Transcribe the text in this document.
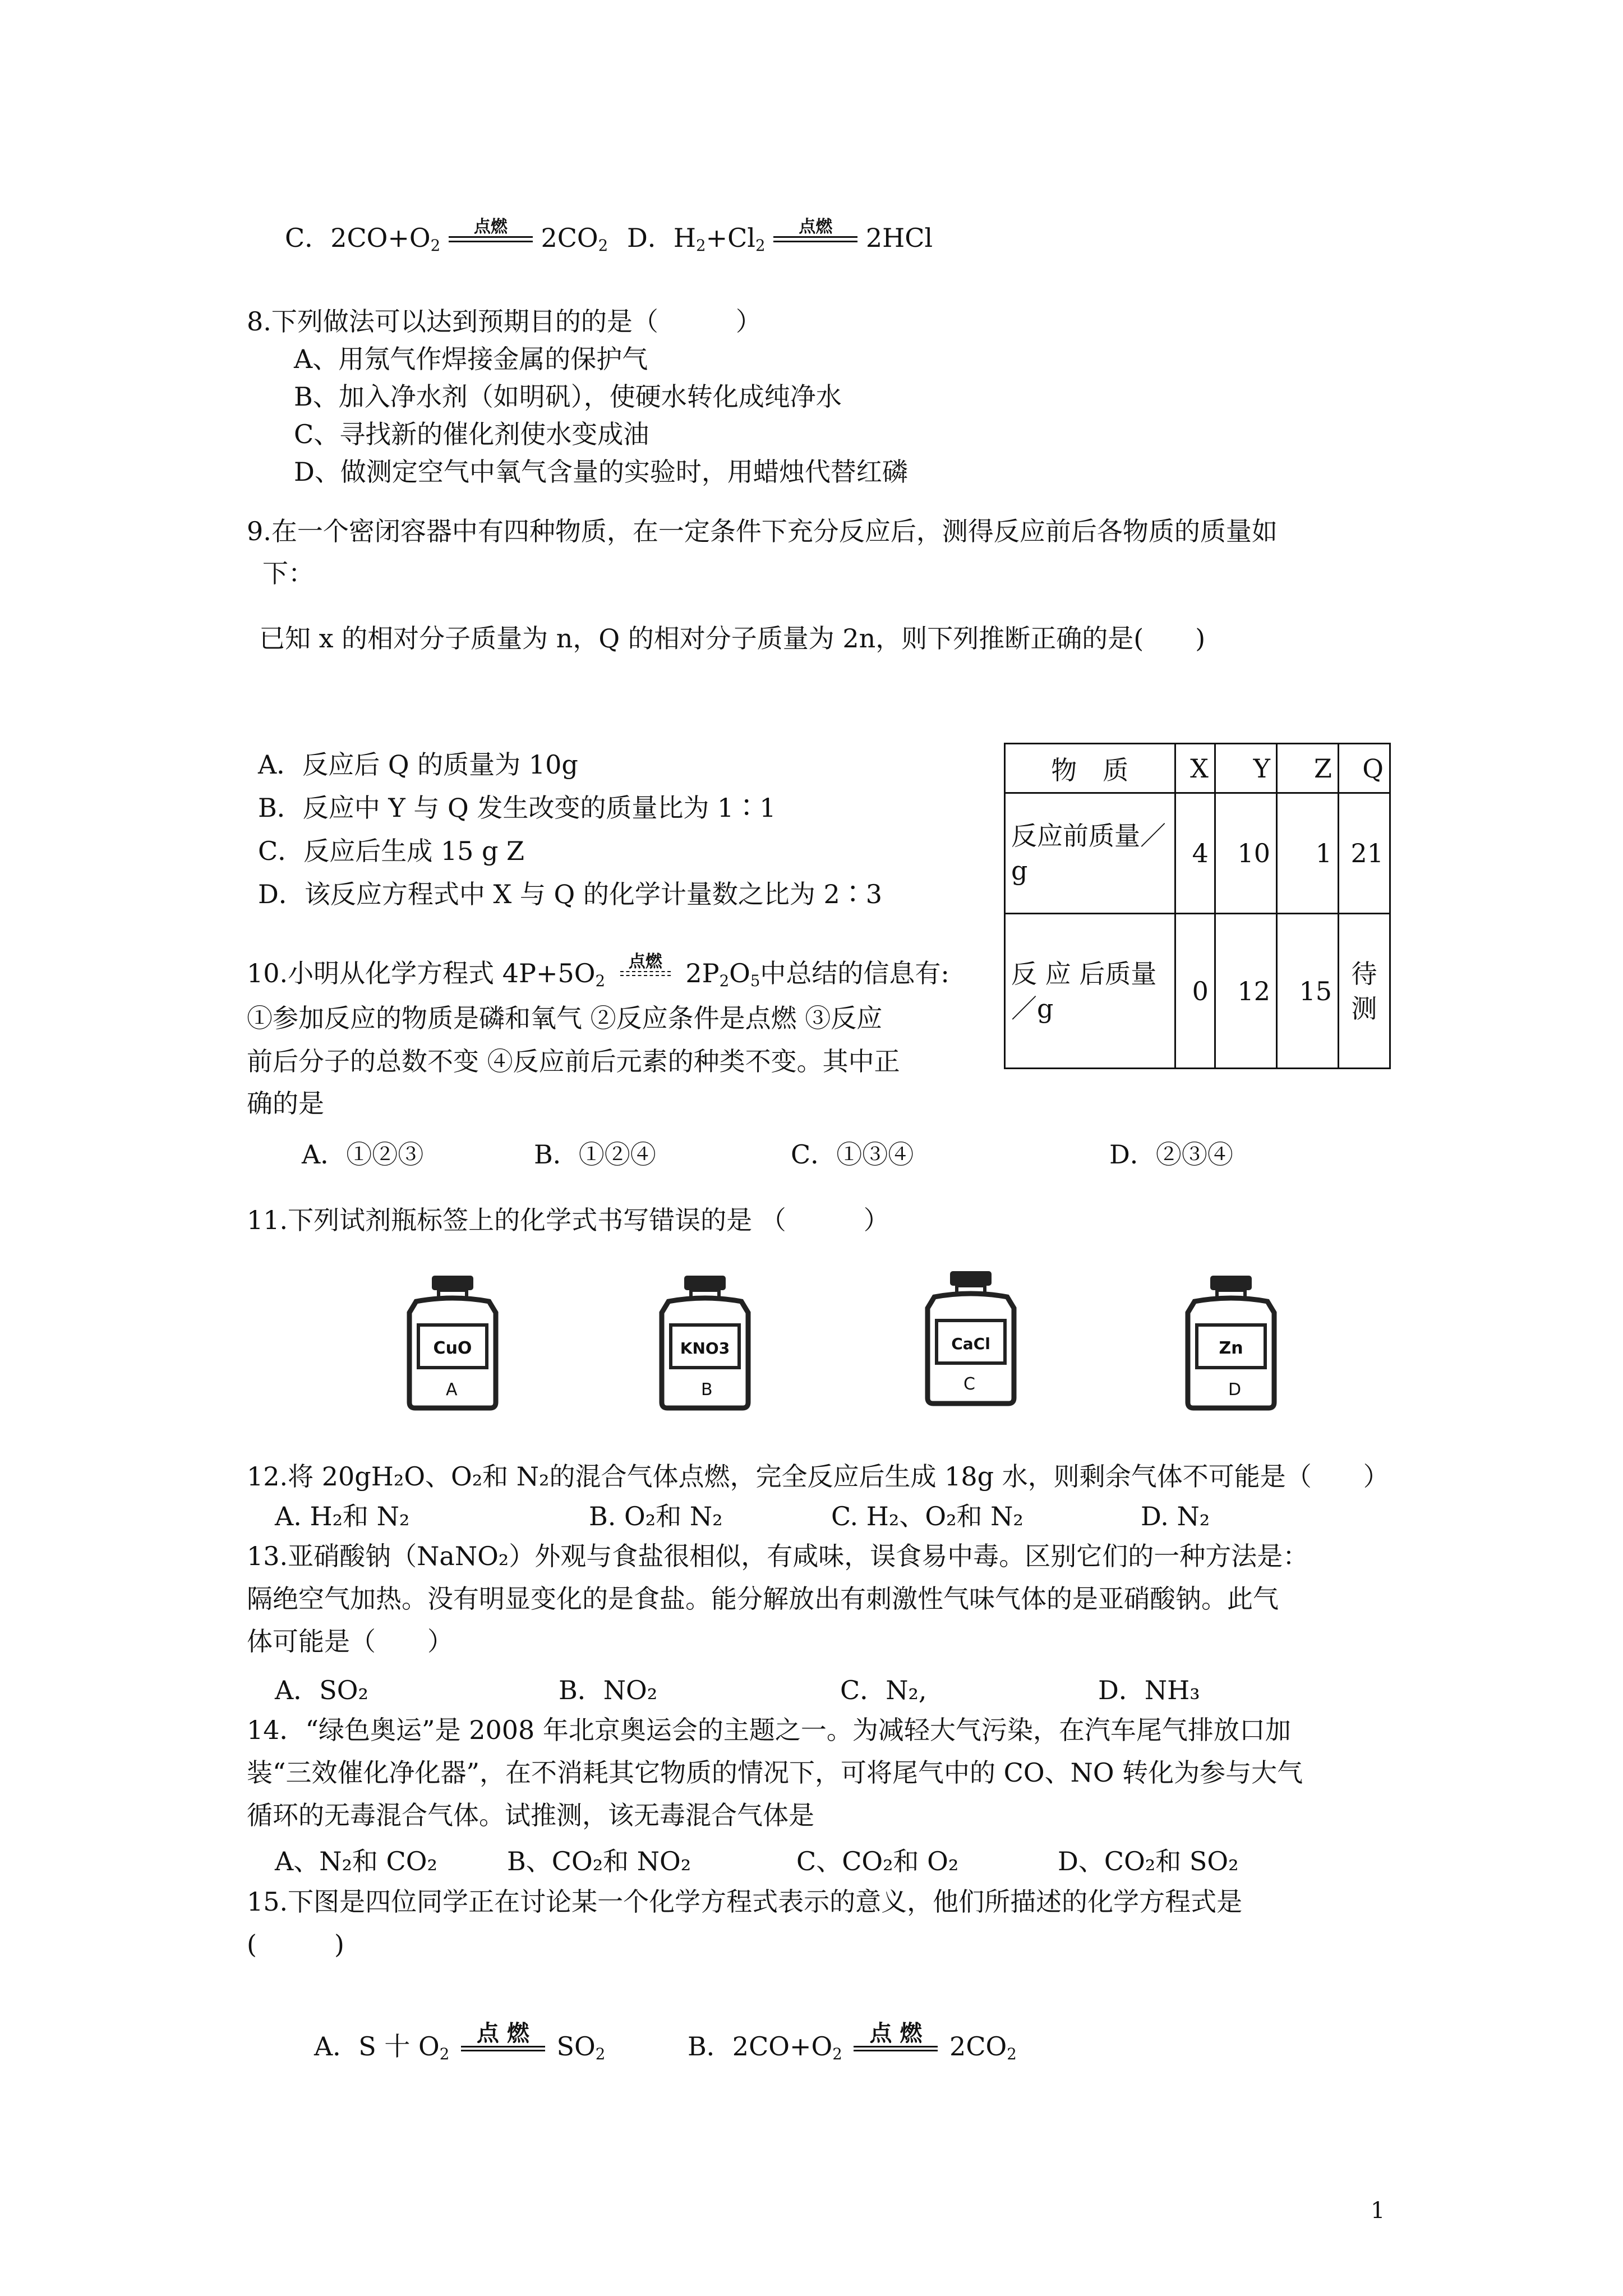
C．$2CO+O_2$
点燃	$2CO_2$ D．$H_2+Cl_2$
点燃	2HCl
8.下列做法可以达到预期目的的是（　　　）
A、用氖气作焊接金属的保护气
B、加入净水剂（如明矾），使硬水转化成纯净水
C、寻找新的催化剂使水变成油
D、做测定空气中氧气含量的实验时，用蜡烛代替红磷
9.在一个密闭容器中有四种物质，在一定条件下充分反应后，测得反应前后各物质的质量如
下：
已知 x 的相对分子质量为 n，Q 的相对分子质量为 2n，则下列推断正确的是(　　)
A．反应后 Q 的质量为 10g
B．反应中 Y 与 Q 发生改变的质量比为 1∶1
C．反应后生成 15 g Z
D．该反应方程式中 X 与 Q 的化学计量数之比为 2∶3
物　质	X	Y	Z	Q
反应前质量／g	4	10	1	21
反 应 后质量／g	0	12	15	待测
10.小明从化学方程式 $4P+5O_2$
点燃 $2P_2O_5$中总结的信息有:
①参加反应的物质是磷和氧气 ②反应条件是点燃 ③反应
前后分子的总数不变 ④反应前后元素的种类不变。其中正
确的是
A．①②③	B．①②④	C．①③④	D．②③④
11.下列试剂瓶标签上的化学式书写错误的是 （　　　）
CuO
A
KNO3
B
CaCl
C
Zn
D
12.将 20gH₂O、O₂和 N₂的混合气体点燃，完全反应后生成 18g 水，则剩余气体不可能是（　　）
A. H₂和 N₂	B. O₂和 N₂	C. H₂、O₂和 N₂	D. N₂
13.亚硝酸钠（NaNO₂）外观与食盐很相似，有咸味，误食易中毒。区别它们的一种方法是：
隔绝空气加热。没有明显变化的是食盐。能分解放出有刺激性气味气体的是亚硝酸钠。此气
体可能是（　　）
A．SO₂	B．NO₂	C．N₂,	D．NH₃
14．“绿色奥运”是 2008 年北京奥运会的主题之一。为减轻大气污染，在汽车尾气排放口加
装“三效催化净化器”，在不消耗其它物质的情况下，可将尾气中的 CO、NO 转化为参与大气
循环的无毒混合气体。试推测，该无毒混合气体是
A、N₂和 CO₂	B、CO₂和 NO₂	C、CO₂和 O₂	D、CO₂和 SO₂
15.下图是四位同学正在讨论某一个化学方程式表示的意义，他们所描述的化学方程式是
(　　　)
A．S 十 $O_2$
点 燃	$SO_2$	B．$2CO+O_2$
点 燃	$2CO_2$
1
